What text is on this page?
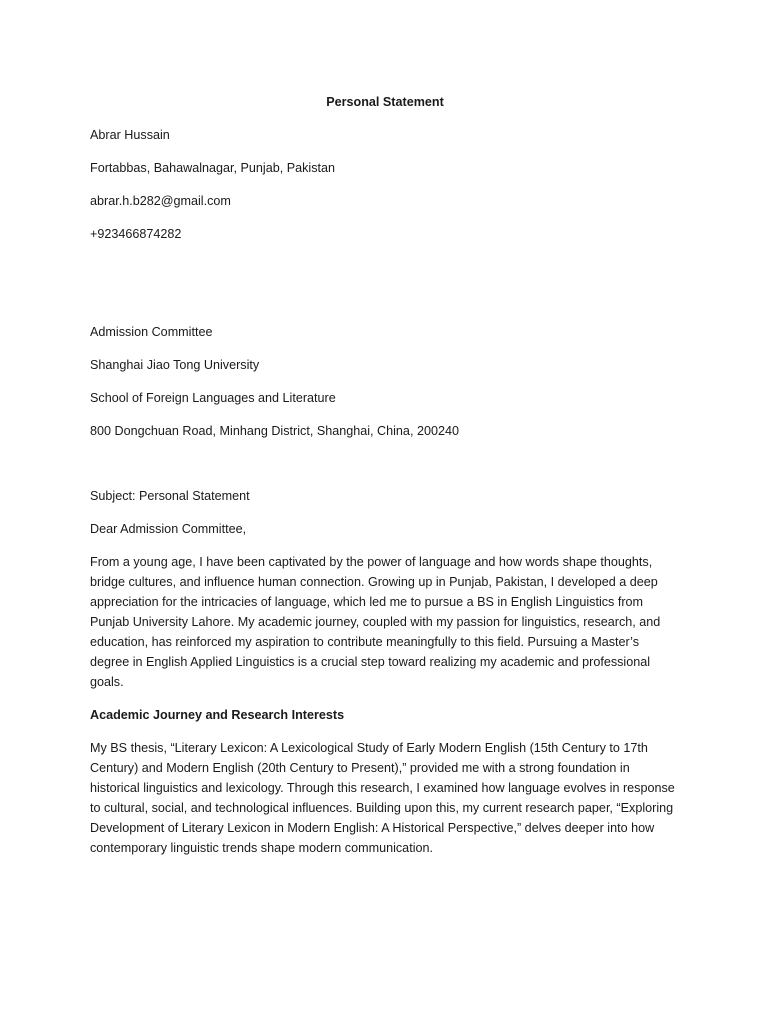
Personal Statement
Abrar Hussain
Fortabbas, Bahawalnagar, Punjab, Pakistan
abrar.h.b282@gmail.com
+923466874282
Admission Committee
Shanghai Jiao Tong University
School of Foreign Languages and Literature
800 Dongchuan Road, Minhang District, Shanghai, China, 200240
Subject: Personal Statement
Dear Admission Committee,

From a young age, I have been captivated by the power of language and how words shape thoughts, bridge cultures, and influence human connection. Growing up in Punjab, Pakistan, I developed a deep appreciation for the intricacies of language, which led me to pursue a BS in English Linguistics from Punjab University Lahore. My academic journey, coupled with my passion for linguistics, research, and education, has reinforced my aspiration to contribute meaningfully to this field. Pursuing a Master’s degree in English Applied Linguistics is a crucial step toward realizing my academic and professional goals.

Academic Journey and Research Interests

My BS thesis, “Literary Lexicon: A Lexicological Study of Early Modern English (15th Century to 17th Century) and Modern English (20th Century to Present),” provided me with a strong foundation in historical linguistics and lexicology. Through this research, I examined how language evolves in response to cultural, social, and technological influences. Building upon this, my current research paper, “Exploring Development of Literary Lexicon in Modern English: A Historical Perspective,” delves deeper into how contemporary linguistic trends shape modern communication.
